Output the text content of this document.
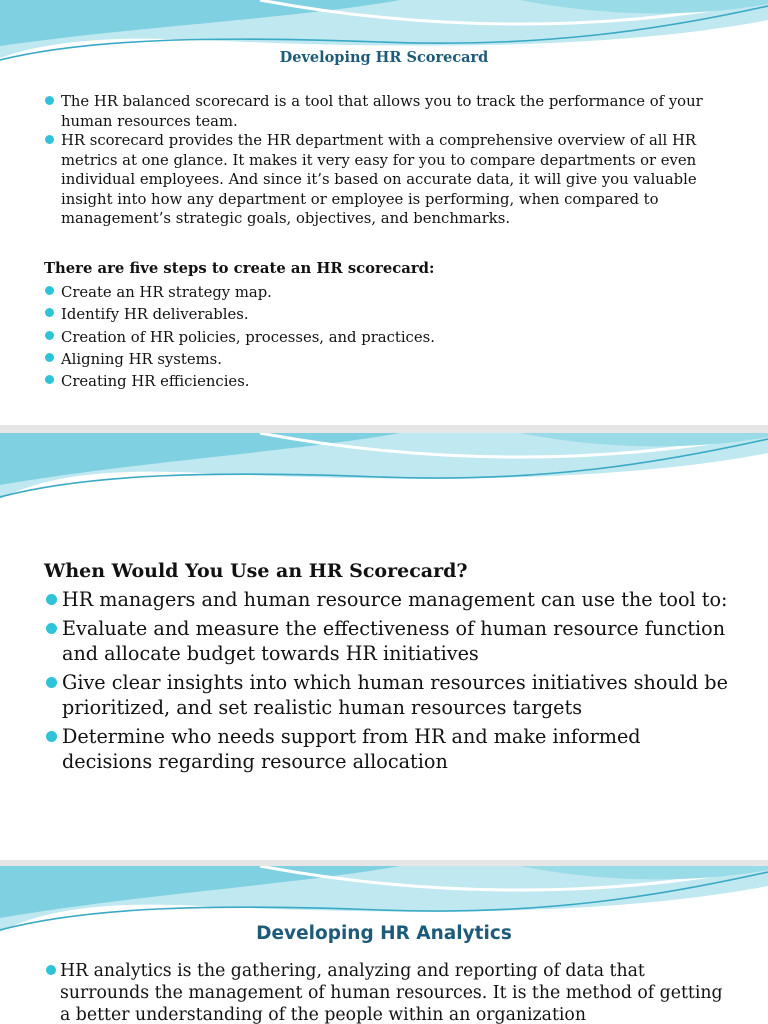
Developing HR Scorecard
The HR balanced scorecard is a tool that allows you to track the performance of your human resources team.
HR scorecard provides the HR department with a comprehensive overview of all HR metrics at one glance. It makes it very easy for you to compare departments or even individual employees. And since it’s based on accurate data, it will give you valuable insight into how any department or employee is performing, when compared to management’s strategic goals, objectives, and benchmarks.
There are five steps to create an HR scorecard:
Create an HR strategy map.
Identify HR deliverables.
Creation of HR policies, processes, and practices.
Aligning HR systems.
Creating HR efficiencies.
When Would You Use an HR Scorecard?
HR managers and human resource management can use the tool to:
Evaluate and measure the effectiveness of human resource function and allocate budget towards HR initiatives
Give clear insights into which human resources initiatives should be prioritized, and set realistic human resources targets
Determine who needs support from HR and make informed decisions regarding resource allocation
Developing HR Analytics
HR analytics is the gathering, analyzing and reporting of data that surrounds the management of human resources. It is the method of getting a better understanding of the people within an organization
